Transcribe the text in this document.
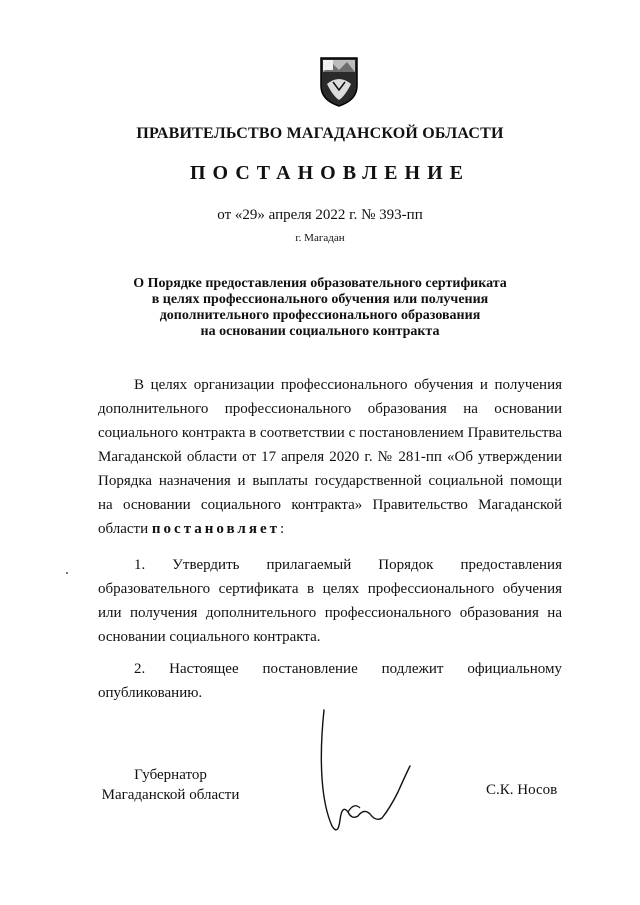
ПРАВИТЕЛЬСТВО МАГАДАНСКОЙ ОБЛАСТИ
ПОСТАНОВЛЕНИЕ
от «29» апреля 2022 г. № 393-пп
г. Магадан
О Порядке предоставления образовательного сертификата
в целях профессионального обучения или получения
дополнительного профессионального образования
на основании социального контракта
В целях организации профессионального обучения и получения дополнительного профессионального образования на основании социального контракта в соответствии с постановлением Правительства Магаданской области от 17 апреля 2020 г. № 281-пп «Об утверждении Порядка назначения и выплаты государственной социальной помощи на основании социального контракта» Правительство Магаданской области постановляет:
1. Утвердить прилагаемый Порядок предоставления образовательного сертификата в целях профессионального обучения или получения дополнительного профессионального образования на основании социального контракта.
2. Настоящее постановление подлежит официальному опубликованию.
Губернатор
Магаданской области	С.К. Носов
